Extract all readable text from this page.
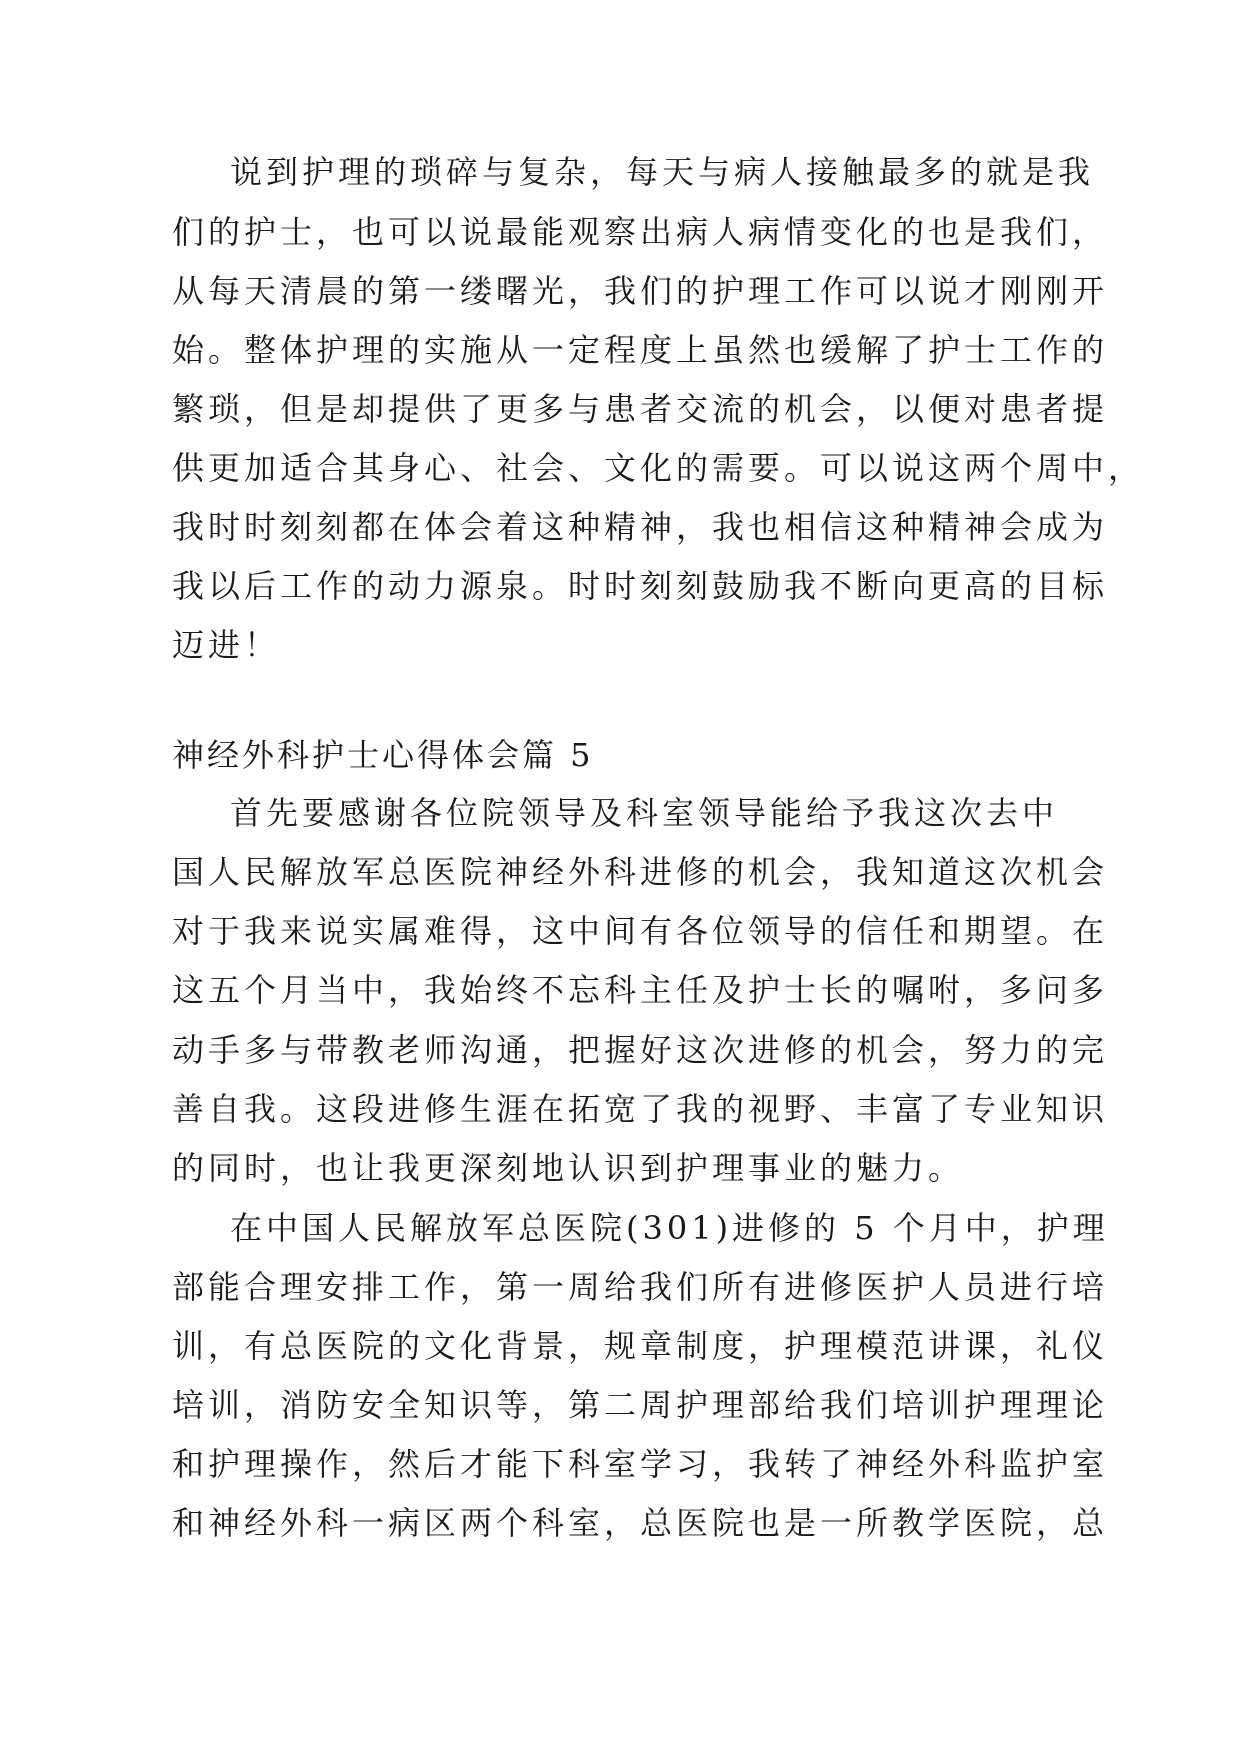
说到护理的琐碎与复杂，每天与病人接触最多的就是我
们的护士，也可以说最能观察出病人病情变化的也是我们，
从每天清晨的第一缕曙光，我们的护理工作可以说才刚刚开
始。整体护理的实施从一定程度上虽然也缓解了护士工作的
繁琐，但是却提供了更多与患者交流的机会，以便对患者提
供更加适合其身心、社会、文化的需要。可以说这两个周中，
我时时刻刻都在体会着这种精神，我也相信这种精神会成为
我以后工作的动力源泉。时时刻刻鼓励我不断向更高的目标
迈进！
神经外科护士心得体会篇 5
首先要感谢各位院领导及科室领导能给予我这次去中
国人民解放军总医院神经外科进修的机会，我知道这次机会
对于我来说实属难得，这中间有各位领导的信任和期望。在
这五个月当中，我始终不忘科主任及护士长的嘱咐，多问多
动手多与带教老师沟通，把握好这次进修的机会，努力的完
善自我。这段进修生涯在拓宽了我的视野、丰富了专业知识
的同时，也让我更深刻地认识到护理事业的魅力。
在中国人民解放军总医院(301)进修的 5 个月中，护理
部能合理安排工作，第一周给我们所有进修医护人员进行培
训，有总医院的文化背景，规章制度，护理模范讲课，礼仪
培训，消防安全知识等，第二周护理部给我们培训护理理论
和护理操作，然后才能下科室学习，我转了神经外科监护室
和神经外科一病区两个科室，总医院也是一所教学医院，总
